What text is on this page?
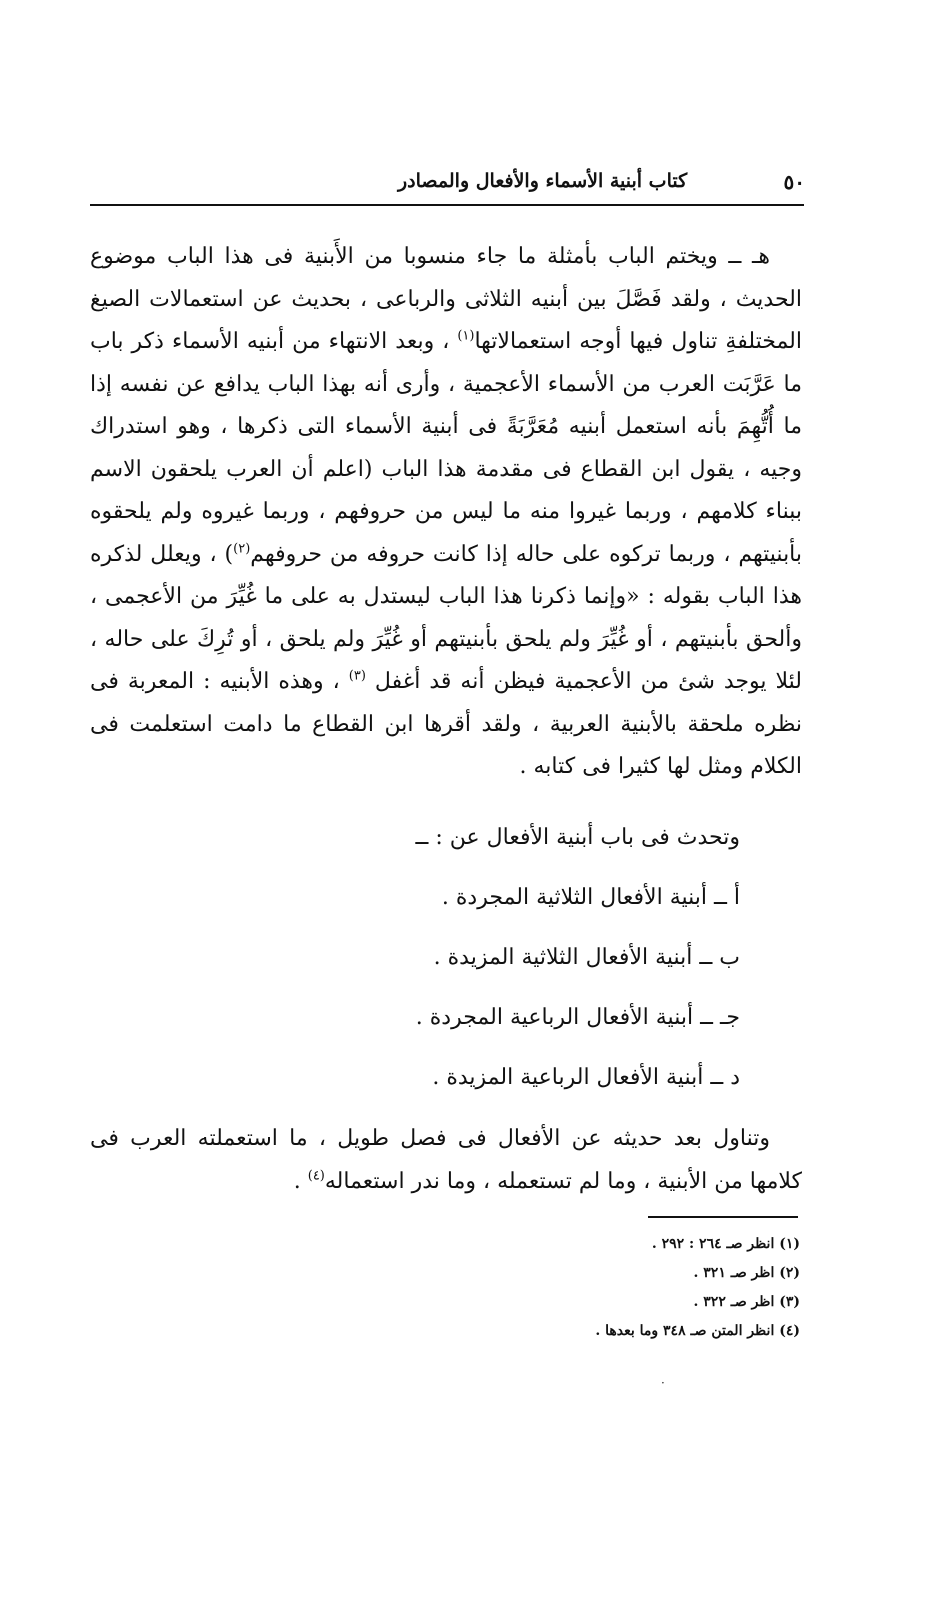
كتاب أبنية الأسماء والأفعال والمصادر	٥٠

هـ ــ ويختم الباب بأمثلة ما جاء منسوبا من الأَبنية فى هذا الباب موضوع الحديث ، ولقد فَصَّلَ بين أبنيه الثلاثى والرباعى ، بحديث عن استعمالات الصيغ المختلفةِ تناول فيها أوجه استعمالاتها$^{(١)}$ ، وبعد الانتهاء من أبنيه الأسماء ذكر باب ما عَرَّبَت العرب من الأسماء الأعجمية ، وأرى أنه بهذا الباب يدافع عن نفسه إذا ما أُتُّهِمَ بأنه استعمل أبنيه مُعَرَّبَةً فى أبنية الأسماء التى ذكرها ، وهو استدراك وجيه ، يقول ابن القطاع فى مقدمة هذا الباب (اعلم أن العرب يلحقون الاسم ببناء كلامهم ، وربما غيروا منه ما ليس من حروفهم ، وربما غيروه ولم يلحقوه بأبنيتهم ، وربما تركوه على حاله إذا كانت حروفه من حروفهم$^{(٢)}$) ، ويعلل لذكره هذا الباب بقوله : «وإنما ذكرنا هذا الباب ليستدل به على ما غُيِّرَ من الأعجمى ، وألحق بأبنيتهم ، أو غُيِّرَ ولم يلحق بأبنيتهم أو غُيِّرَ ولم يلحق ، أو تُرِكَ على حاله ، لئلا يوجد شئ من الأعجمية فيظن أنه قد أغفل $^{(٣)}$ ، وهذه الأبنيه : المعربة فى نظره ملحقة بالأبنية العربية ، ولقد أقرها ابن القطاع ما دامت استعلمت فى الكلام ومثل لها كثيرا فى كتابه .

وتحدث فى باب أبنية الأفعال عن : ــ
أ ــ أبنية الأفعال الثلاثية المجردة .
ب ــ أبنية الأفعال الثلاثية المزيدة .
جـ ــ أبنية الأفعال الرباعية المجردة .
د ــ أبنية الأفعال الرباعية المزيدة .

وتناول بعد حديثه عن الأفعال فى فصل طويل ، ما استعملته العرب فى كلامها من الأبنية ، وما لم تستعمله ، وما ندر استعماله$^{(٤)}$ .

(١) انظر صـ ٢٦٤ : ٢٩٢ .
(٢) اظر صـ ٣٢١ .
(٣) اظر صـ ٣٢٢ .
(٤) انظر المتن صـ ٣٤٨ وما بعدها .
·
